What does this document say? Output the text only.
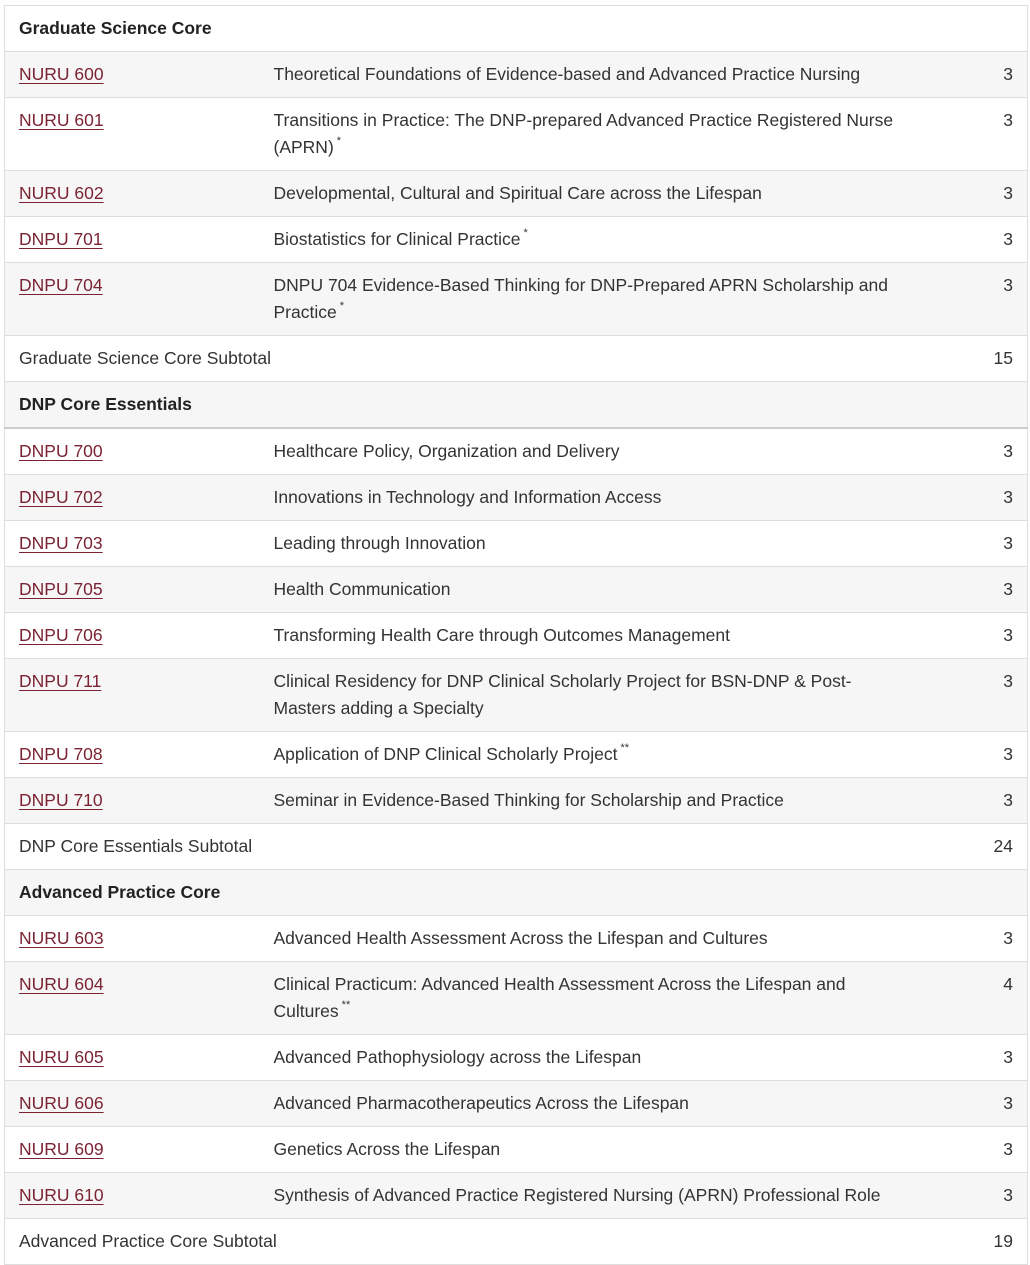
Graduate Science Core		
NURU 600	Theoretical Foundations of Evidence-based and Advanced Practice Nursing	3
NURU 601	Transitions in Practice: The DNP-prepared Advanced Practice Registered Nurse (APRN) *	3
NURU 602	Developmental, Cultural and Spiritual Care across the Lifespan	3
DNPU 701	Biostatistics for Clinical Practice *	3
DNPU 704	DNPU 704 Evidence-Based Thinking for DNP-Prepared APRN Scholarship and Practice *	3
Graduate Science Core Subtotal		15
DNP Core Essentials		
DNPU 700	Healthcare Policy, Organization and Delivery	3
DNPU 702	Innovations in Technology and Information Access	3
DNPU 703	Leading through Innovation	3
DNPU 705	Health Communication	3
DNPU 706	Transforming Health Care through Outcomes Management	3
DNPU 711	Clinical Residency for DNP Clinical Scholarly Project for BSN-DNP & Post-Masters adding a Specialty	3
DNPU 708	Application of DNP Clinical Scholarly Project **	3
DNPU 710	Seminar in Evidence-Based Thinking for Scholarship and Practice	3
DNP Core Essentials Subtotal		24
Advanced Practice Core		
NURU 603	Advanced Health Assessment Across the Lifespan and Cultures	3
NURU 604	Clinical Practicum: Advanced Health Assessment Across the Lifespan and Cultures **	4
NURU 605	Advanced Pathophysiology across the Lifespan	3
NURU 606	Advanced Pharmacotherapeutics Across the Lifespan	3
NURU 609	Genetics Across the Lifespan	3
NURU 610	Synthesis of Advanced Practice Registered Nursing (APRN) Professional Role	3
Advanced Practice Core Subtotal		19
